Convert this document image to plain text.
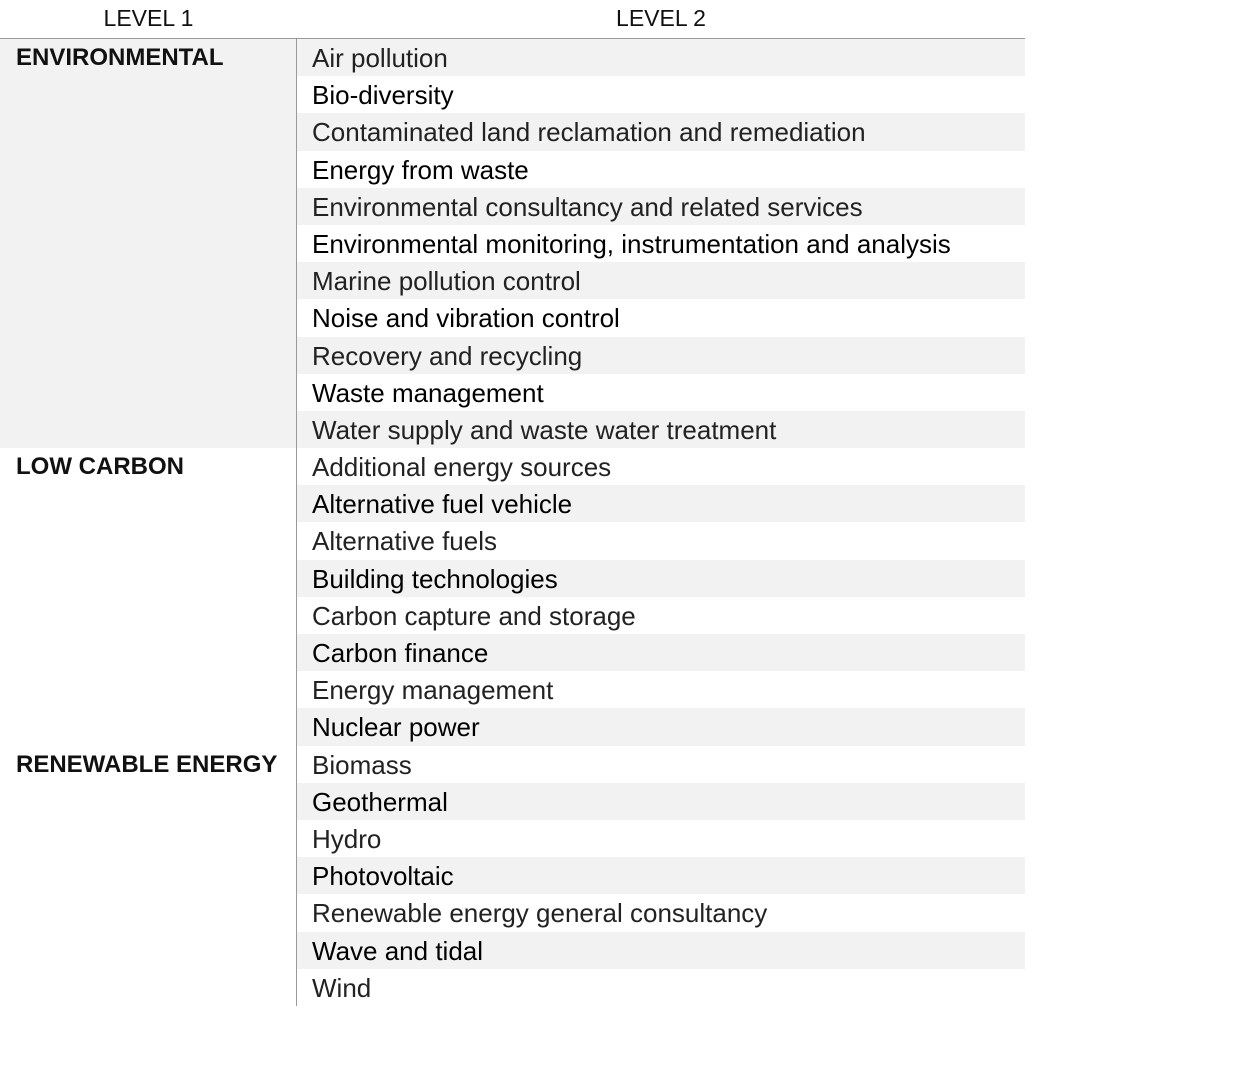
LEVEL 1	LEVEL 2
ENVIRONMENTAL	Air pollution
Bio-diversity
Contaminated land reclamation and remediation
Energy from waste
Environmental consultancy and related services
Environmental monitoring, instrumentation and analysis
Marine pollution control
Noise and vibration control
Recovery and recycling
Waste management
Water supply and waste water treatment
LOW CARBON	Additional energy sources
Alternative fuel vehicle
Alternative fuels
Building technologies
Carbon capture and storage
Carbon finance
Energy management
Nuclear power
RENEWABLE ENERGY	Biomass
Geothermal
Hydro
Photovoltaic
Renewable energy general consultancy
Wave and tidal
Wind
